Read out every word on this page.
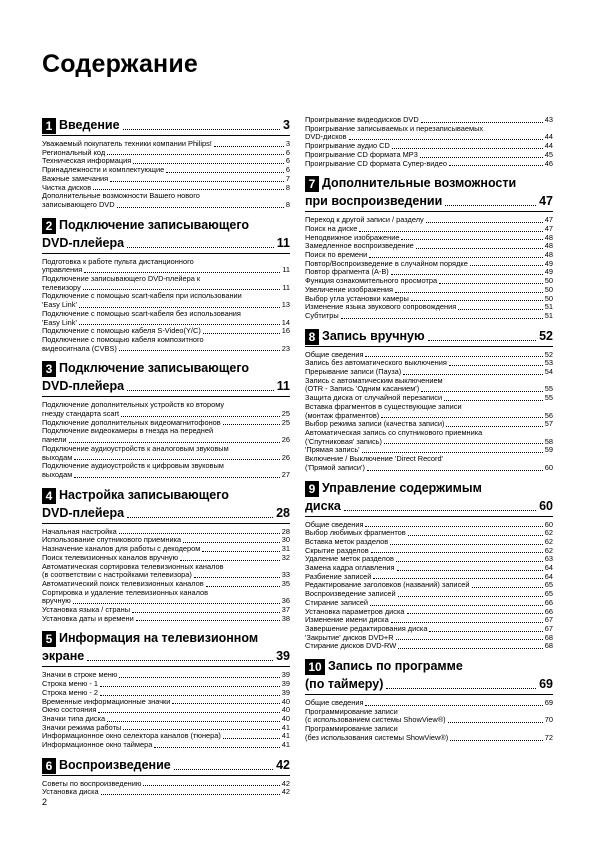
Содержание
1 Введение	3
Уважаемый покупатель техники компании Philips!	3
Региональный код	6
Техническая информация	6
Принадлежности и комплектующие	6
Важные замечания	7
Чистка дисков	8
Дополнительные возможности Вашего нового
записывающего DVD	8
2 Подключение записывающего
DVD-плейера	11
Подготовка к работе пульта дистанционного
управления	11
Подключение записывающего DVD-плейера к
телевизору	11
Подключение с помощью scart-кабеля при использовании
'Easy Link'	13
Подключение с помощью scart-кабеля без использования
'Easy Link'	14
Подключение с помощью кабеля S-Video(Y/C)	16
Подключение с помощью кабеля композитного
видеосигнала (CVBS)	23
3 Подключение записывающего
DVD-плейера	11
Подключение дополнительных устройств ко второму
гнезду стандарта scart	25
Подключение дополнительных видеомагнитофонов	25
Подключение видеокамеры в гнезда на передней
панели	26
Подключение аудиоустройств к аналоговым звуковым
выходам	26
Подключение аудиоустройств к цифровым звуковым
выходам	27
4 Настройка записывающего
DVD-плейера	28
Начальная настройка	28
Использование спутникового приемника	30
Назначение каналов для работы с декодером	31
Поиск телевизионных каналов вручную	32
Автоматическая сортировка телевизионных каналов
(в соответствии с настройками телевизора)	33
Автоматический поиск телевизионных каналов	35
Сортировка и удаление телевизионных каналов
вручную	36
Установка языка / страны	37
Установка даты и времени	38
5 Информация на телевизионном
экране	39
Значки в строке меню	39
Строка меню - 1	39
Строка меню - 2	39
Временные информационные значки	40
Окно состояния	40
Значки типа диска	40
Значки режима работы	41
Информационное окно селектора каналов (тюнера)	41
Информационное окно таймера	41
6 Воспроизведение	42
Советы по воспроизведению	42
Установка диска	42
Проигрывание видеодисков DVD	43
Проигрывание записываемых и перезаписываемых
DVD-дисков	44
Проигрывание аудио CD	44
Проигрывание CD формата MP3	45
Проигрывание CD формата Супер-видео	46
7 Дополнительные возможности
при воспроизведении	47
Переход к другой записи / разделу	47
Поиск на диске	47
Неподвижное изображение	48
Замедленное воспроизведение	48
Поиск по времени	48
Повтор/Воспроизведение в случайном порядке	49
Повтор фрагмента (A-B)	49
Функция ознакомительного просмотра	50
Увеличение изображения	50
Выбор угла установки камеры	50
Изменение языка звукового сопровождения	51
Субтитры	51
8 Запись вручную	52
Общие сведения	52
Запись без автоматического выключения	53
Прерывание записи (Пауза)	54
Запись с автоматическим выключением
(OTR - Запись 'Одним касанием')	55
Защита диска от случайной перезаписи	55
Вставка фрагментов в существующие записи
(монтаж фрагментов)	56
Выбор режима записи (качества записи)	57
Автоматическая запись со спутникового приемника
('Спутниковая' запись)	58
'Прямая запись'	59
Включение / Выключение 'Direct Record'
('Прямой записи')	60
9 Управление содержимым
диска	60
Общие сведения	60
Выбор любимых фрагментов	62
Вставка меток разделов	62
Скрытие разделов	62
Удаление меток разделов	63
Замена кадра оглавления	64
Разбиение записей	64
Редактирование заголовков (названий) записей	65
Воспроизведение записей	65
Стирание записей	66
Установка параметров диска	66
Изменение имени диска	67
Завершение редактирования диска	67
'Закрытие' дисков DVD+R	68
Стирание дисков DVD-RW	68
10 Запись по программе
(по таймеру)	69
Общие сведения	69
Программирование записи
(с использованием системы ShowView®)	70
Программирование записи
(без использования системы ShowView®)	72

2
